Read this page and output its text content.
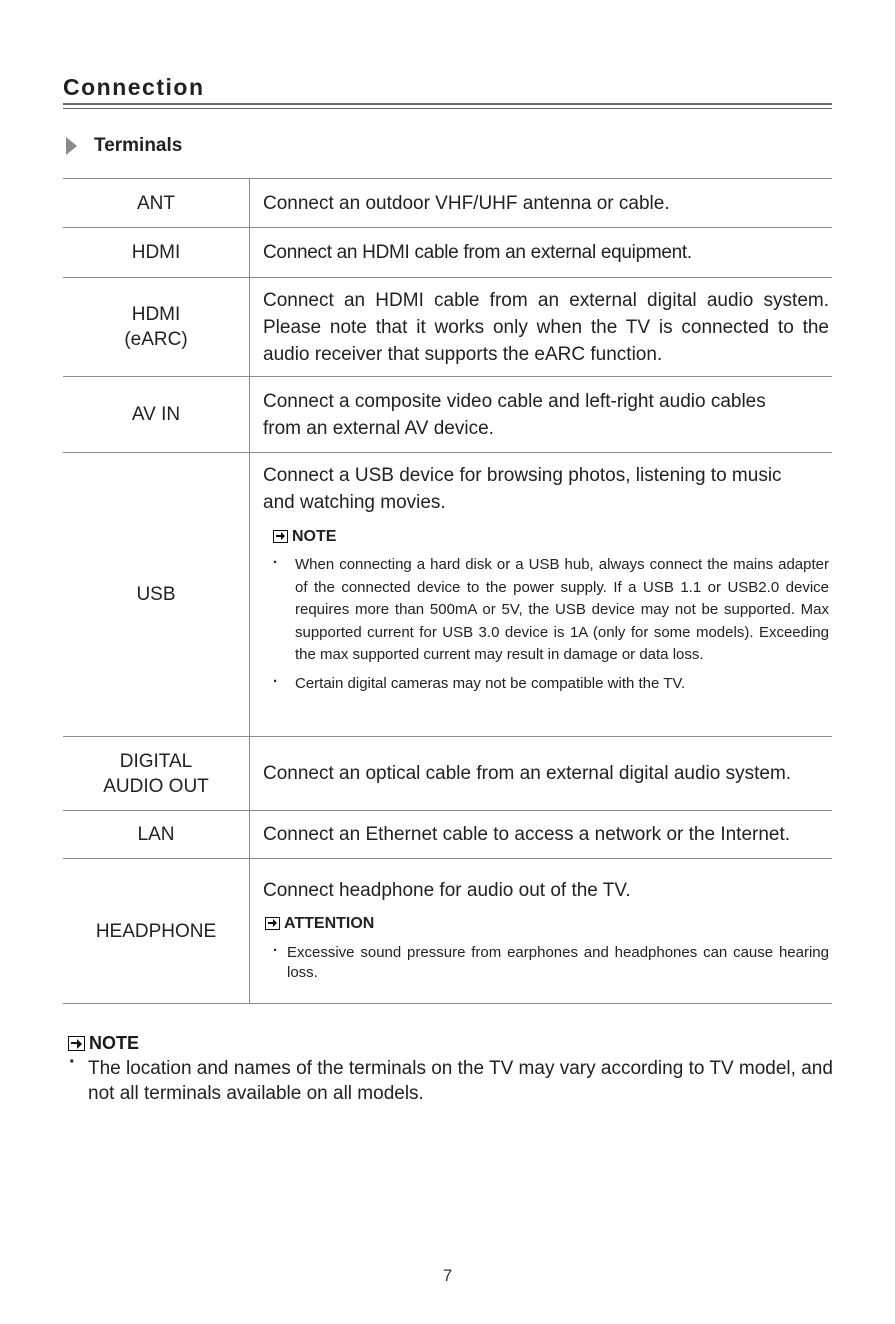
Connection
Terminals
ANT	Connect an outdoor VHF/UHF antenna or cable.

HDMI	Connect an HDMI cable from an external equipment.

HDMI
(eARC)	Connect an HDMI cable from an external digital audio system. Please note that it works only when the TV is connected to the audio receiver that supports the eARC function.

AV IN	Connect a composite video cable and left-right audio cables from an external AV device.

USB	Connect a USB device for browsing photos, listening to music and watching movies.
NOTE
· When connecting a hard disk or a USB hub, always connect the mains adapter of the connected device to the power supply. If a USB 1.1 or USB2.0 device requires more than 500mA or 5V, the USB device may not be supported. Max supported current for USB 3.0 device is 1A (only for some models). Exceeding the max supported current may result in damage or data loss.
· Certain digital cameras may not be compatible with the TV.

DIGITAL
AUDIO OUT	Connect an optical cable from an external digital audio system.

LAN	Connect an Ethernet cable to access a network or the Internet.

HEADPHONE	Connect headphone for audio out of the TV.
ATTENTION
· Excessive sound pressure from earphones and headphones can cause hearing loss.
NOTE
· The location and names of the terminals on the TV may vary according to TV model, and not all terminals available on all models.
7
